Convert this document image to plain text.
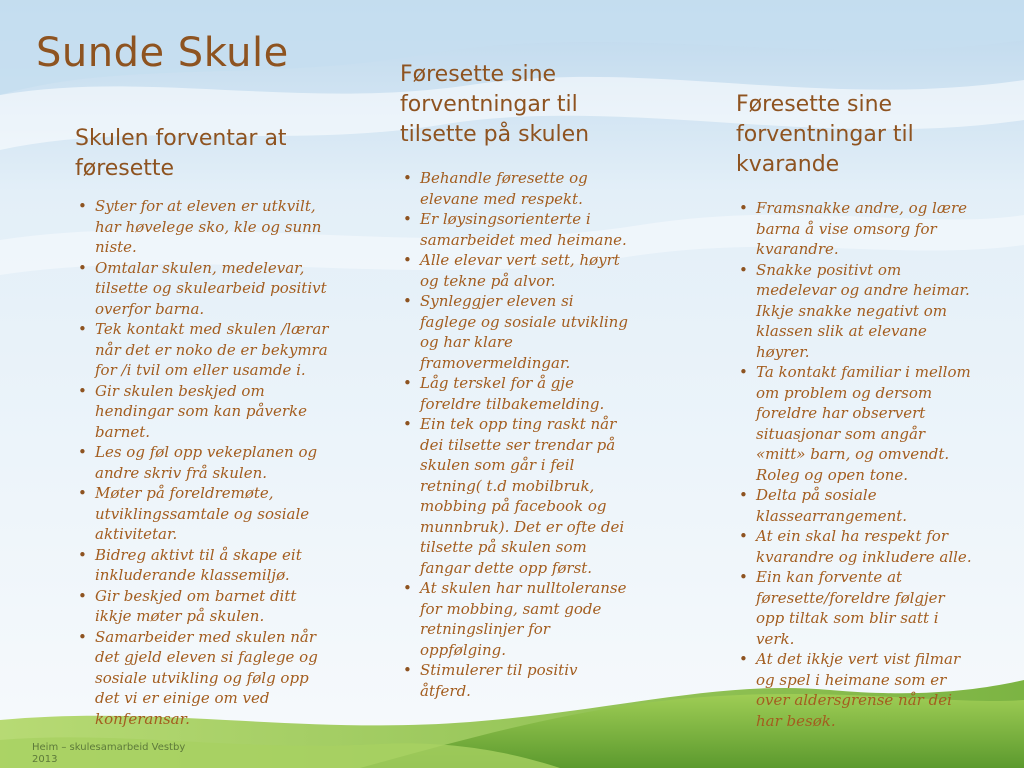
Sunde Skule
Skulen forventar at føresette
• Syter for at eleven er utkvilt, har høvelege sko, kle og sunn niste.
• Omtalar skulen, medelevar, tilsette og skulearbeid positivt overfor barna.
• Tek kontakt med skulen /lærar når det er noko de er bekymra for /i tvil om eller usamde i.
• Gir skulen beskjed om hendingar som kan påverke barnet.
• Les og føl opp vekeplanen og andre skriv frå skulen.
• Møter på foreldremøte, utviklingssamtale og sosiale aktivitetar.
• Bidreg aktivt til å skape eit inkluderande klassemiljø.
• Gir beskjed om barnet ditt ikkje møter på skulen.
• Samarbeider med skulen når det gjeld eleven si faglege og sosiale utvikling og følg opp det vi er einige om ved konferansar.
Føresette sine forventningar til tilsette på skulen
• Behandle føresette og elevane med respekt.
• Er løysingsorienterte i samarbeidet med heimane.
• Alle elevar vert sett, høyrt og tekne på alvor.
• Synleggjer eleven si faglege og sosiale utvikling og har klare framovermeldingar.
• Låg terskel for å gje foreldre tilbakemelding.
• Ein tek opp ting raskt når dei tilsette ser trendar på skulen som går i feil retning( t.d mobilbruk, mobbing på facebook og munnbruk). Det er ofte dei tilsette på skulen som fangar dette opp først.
• At skulen har nulltoleranse for mobbing, samt gode retningslinjer for oppfølging.
• Stimulerer til positiv åtferd.
Føresette sine forventningar til kvarande
• Framsnakke andre, og lære barna å vise omsorg for kvarandre.
• Snakke positivt om medelevar og andre heimar. Ikkje snakke negativt om klassen slik at elevane høyrer.
• Ta kontakt familiar i mellom om problem og dersom foreldre har observert situasjonar som angår «mitt» barn, og omvendt. Roleg og open tone.
• Delta på sosiale klassearrangement.
• At ein skal ha respekt for kvarandre og inkludere alle.
• Ein kan forvente at føresette/foreldre følgjer opp tiltak som blir satt i verk.
• At det ikkje vert vist filmar og spel i heimane som er over aldersgrense når dei har besøk.
Heim – skulesamarbeid Vestby 2013
